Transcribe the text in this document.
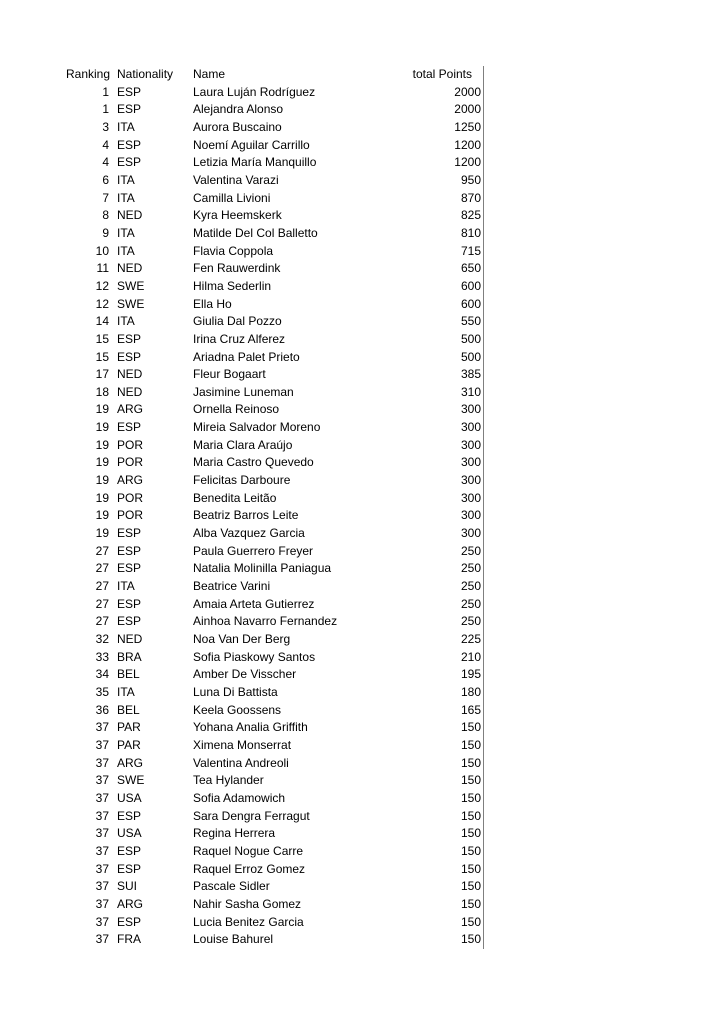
Ranking Nationality	Name	total Points
1 ESP	Laura Luján Rodríguez	2000
1 ESP	Alejandra Alonso	2000
3 ITA	Aurora Buscaino	1250
4 ESP	Noemí Aguilar Carrillo	1200
4 ESP	Letizia María Manquillo	1200
6 ITA	Valentina Varazi	950
7 ITA	Camilla Livioni	870
8 NED	Kyra Heemskerk	825
9 ITA	Matilde Del Col Balletto	810
10 ITA	Flavia Coppola	715
11 NED	Fen Rauwerdink	650
12 SWE	Hilma Sederlin	600
12 SWE	Ella Ho	600
14 ITA	Giulia Dal Pozzo	550
15 ESP	Irina Cruz Alferez	500
15 ESP	Ariadna Palet Prieto	500
17 NED	Fleur Bogaart	385
18 NED	Jasimine Luneman	310
19 ARG	Ornella Reinoso	300
19 ESP	Mireia Salvador Moreno	300
19 POR	Maria Clara Araújo	300
19 POR	Maria Castro Quevedo	300
19 ARG	Felicitas Darboure	300
19 POR	Benedita Leitão	300
19 POR	Beatriz Barros Leite	300
19 ESP	Alba Vazquez Garcia	300
27 ESP	Paula Guerrero Freyer	250
27 ESP	Natalia Molinilla Paniagua	250
27 ITA	Beatrice Varini	250
27 ESP	Amaia Arteta Gutierrez	250
27 ESP	Ainhoa Navarro Fernandez	250
32 NED	Noa Van Der Berg	225
33 BRA	Sofia Piaskowy Santos	210
34 BEL	Amber De Visscher	195
35 ITA	Luna Di Battista	180
36 BEL	Keela Goossens	165
37 PAR	Yohana Analia Griffith	150
37 PAR	Ximena Monserrat	150
37 ARG	Valentina Andreoli	150
37 SWE	Tea Hylander	150
37 USA	Sofia Adamowich	150
37 ESP	Sara Dengra Ferragut	150
37 USA	Regina Herrera	150
37 ESP	Raquel Nogue Carre	150
37 ESP	Raquel Erroz Gomez	150
37 SUI	Pascale Sidler	150
37 ARG	Nahir Sasha Gomez	150
37 ESP	Lucia Benitez Garcia	150
37 FRA	Louise Bahurel	150
